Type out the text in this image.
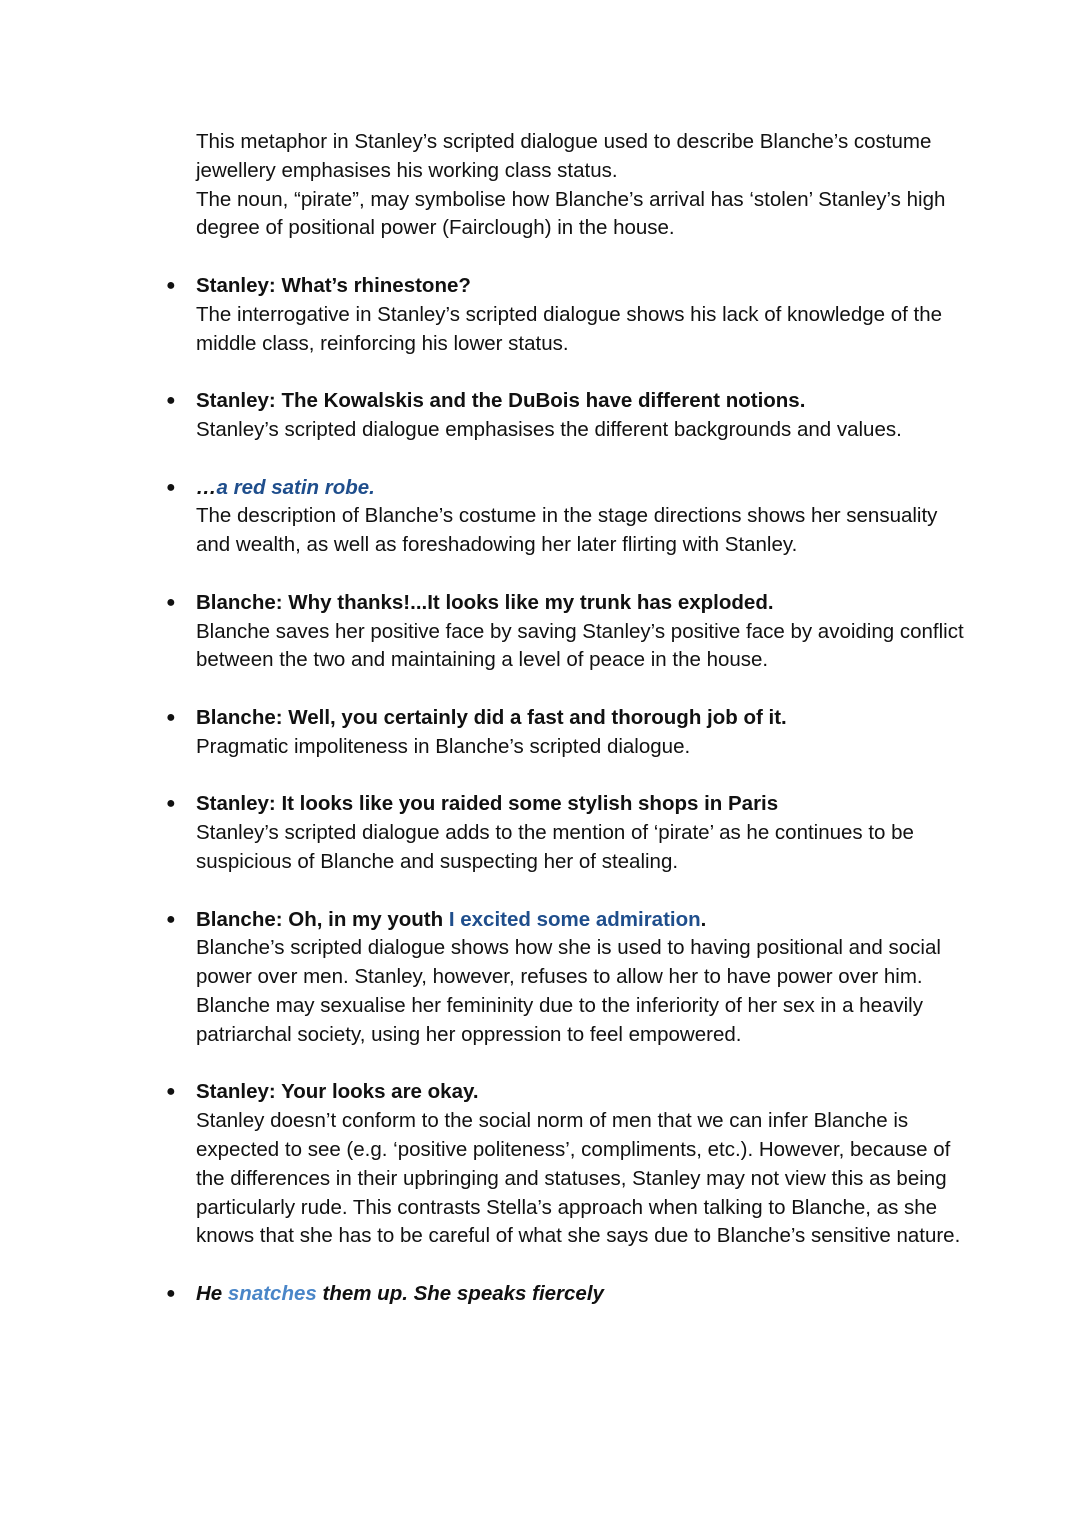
This metaphor in Stanley’s scripted dialogue used to describe Blanche’s costume jewellery emphasises his working class status.

The noun, “pirate”, may symbolise how Blanche’s arrival has ‘stolen’ Stanley’s high degree of positional power (Fairclough) in the house.

● Stanley: What’s rhinestone?

The interrogative in Stanley’s scripted dialogue shows his lack of knowledge of the middle class, reinforcing his lower status.

● Stanley: The Kowalskis and the DuBois have different notions.

Stanley’s scripted dialogue emphasises the different backgrounds and values.

● …a red satin robe.

The description of Blanche’s costume in the stage directions shows her sensuality and wealth, as well as foreshadowing her later flirting with Stanley.

● Blanche: Why thanks!...It looks like my trunk has exploded.

Blanche saves her positive face by saving Stanley’s positive face by avoiding conflict between the two and maintaining a level of peace in the house.

● Blanche: Well, you certainly did a fast and thorough job of it.

Pragmatic impoliteness in Blanche’s scripted dialogue.

● Stanley: It looks like you raided some stylish shops in Paris

Stanley’s scripted dialogue adds to the mention of ‘pirate’ as he continues to be suspicious of Blanche and suspecting her of stealing.

● Blanche: Oh, in my youth I excited some admiration.

Blanche’s scripted dialogue shows how she is used to having positional and social power over men. Stanley, however, refuses to allow her to have power over him. Blanche may sexualise her femininity due to the inferiority of her sex in a heavily patriarchal society, using her oppression to feel empowered.

● Stanley: Your looks are okay.

Stanley doesn’t conform to the social norm of men that we can infer Blanche is expected to see (e.g. ‘positive politeness’, compliments, etc.). However, because of the differences in their upbringing and statuses, Stanley may not view this as being particularly rude. This contrasts Stella’s approach when talking to Blanche, as she knows that she has to be careful of what she says due to Blanche’s sensitive nature.

● He snatches them up. She speaks fiercely
